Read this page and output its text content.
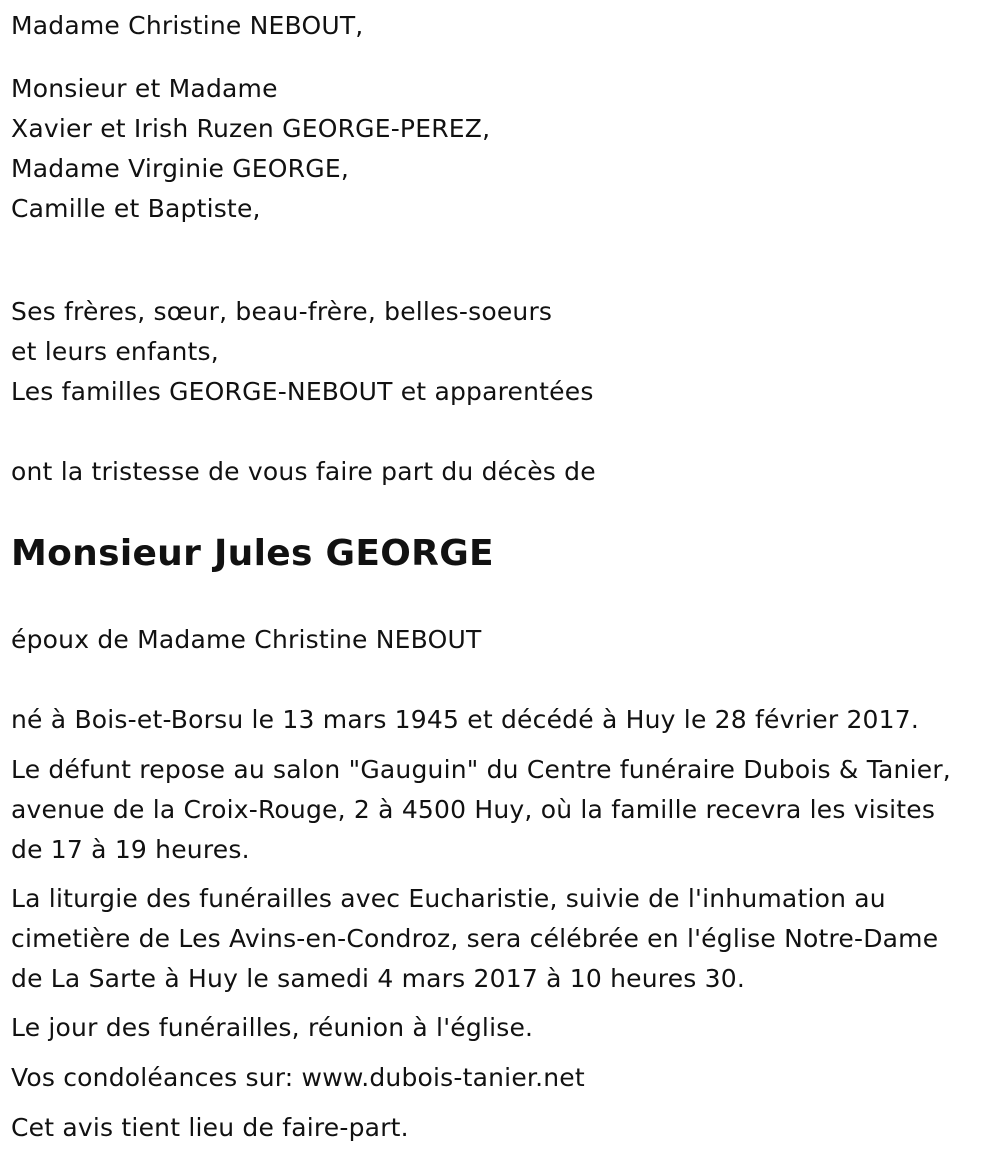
Madame Christine NEBOUT,
Monsieur et Madame
Xavier et Irish Ruzen GEORGE-PEREZ,
Madame Virginie GEORGE,
Camille et Baptiste,
Ses frères, sœur, beau-frère, belles-soeurs
et leurs enfants,
Les familles GEORGE-NEBOUT et apparentées
ont la tristesse de vous faire part du décès de
Monsieur Jules GEORGE
époux de Madame Christine NEBOUT
né à Bois-et-Borsu le 13 mars 1945 et décédé à Huy le 28 février 2017.
Le défunt repose au salon "Gauguin" du Centre funéraire Dubois & Tanier,
avenue de la Croix-Rouge, 2 à 4500 Huy, où la famille recevra les visites
de 17 à 19 heures.
La liturgie des funérailles avec Eucharistie, suivie de l'inhumation au
cimetière de Les Avins-en-Condroz, sera célébrée en l'église Notre-Dame
de La Sarte à Huy le samedi 4 mars 2017 à 10 heures 30.
Le jour des funérailles, réunion à l'église.
Vos condoléances sur: www.dubois-tanier.net
Cet avis tient lieu de faire-part.
